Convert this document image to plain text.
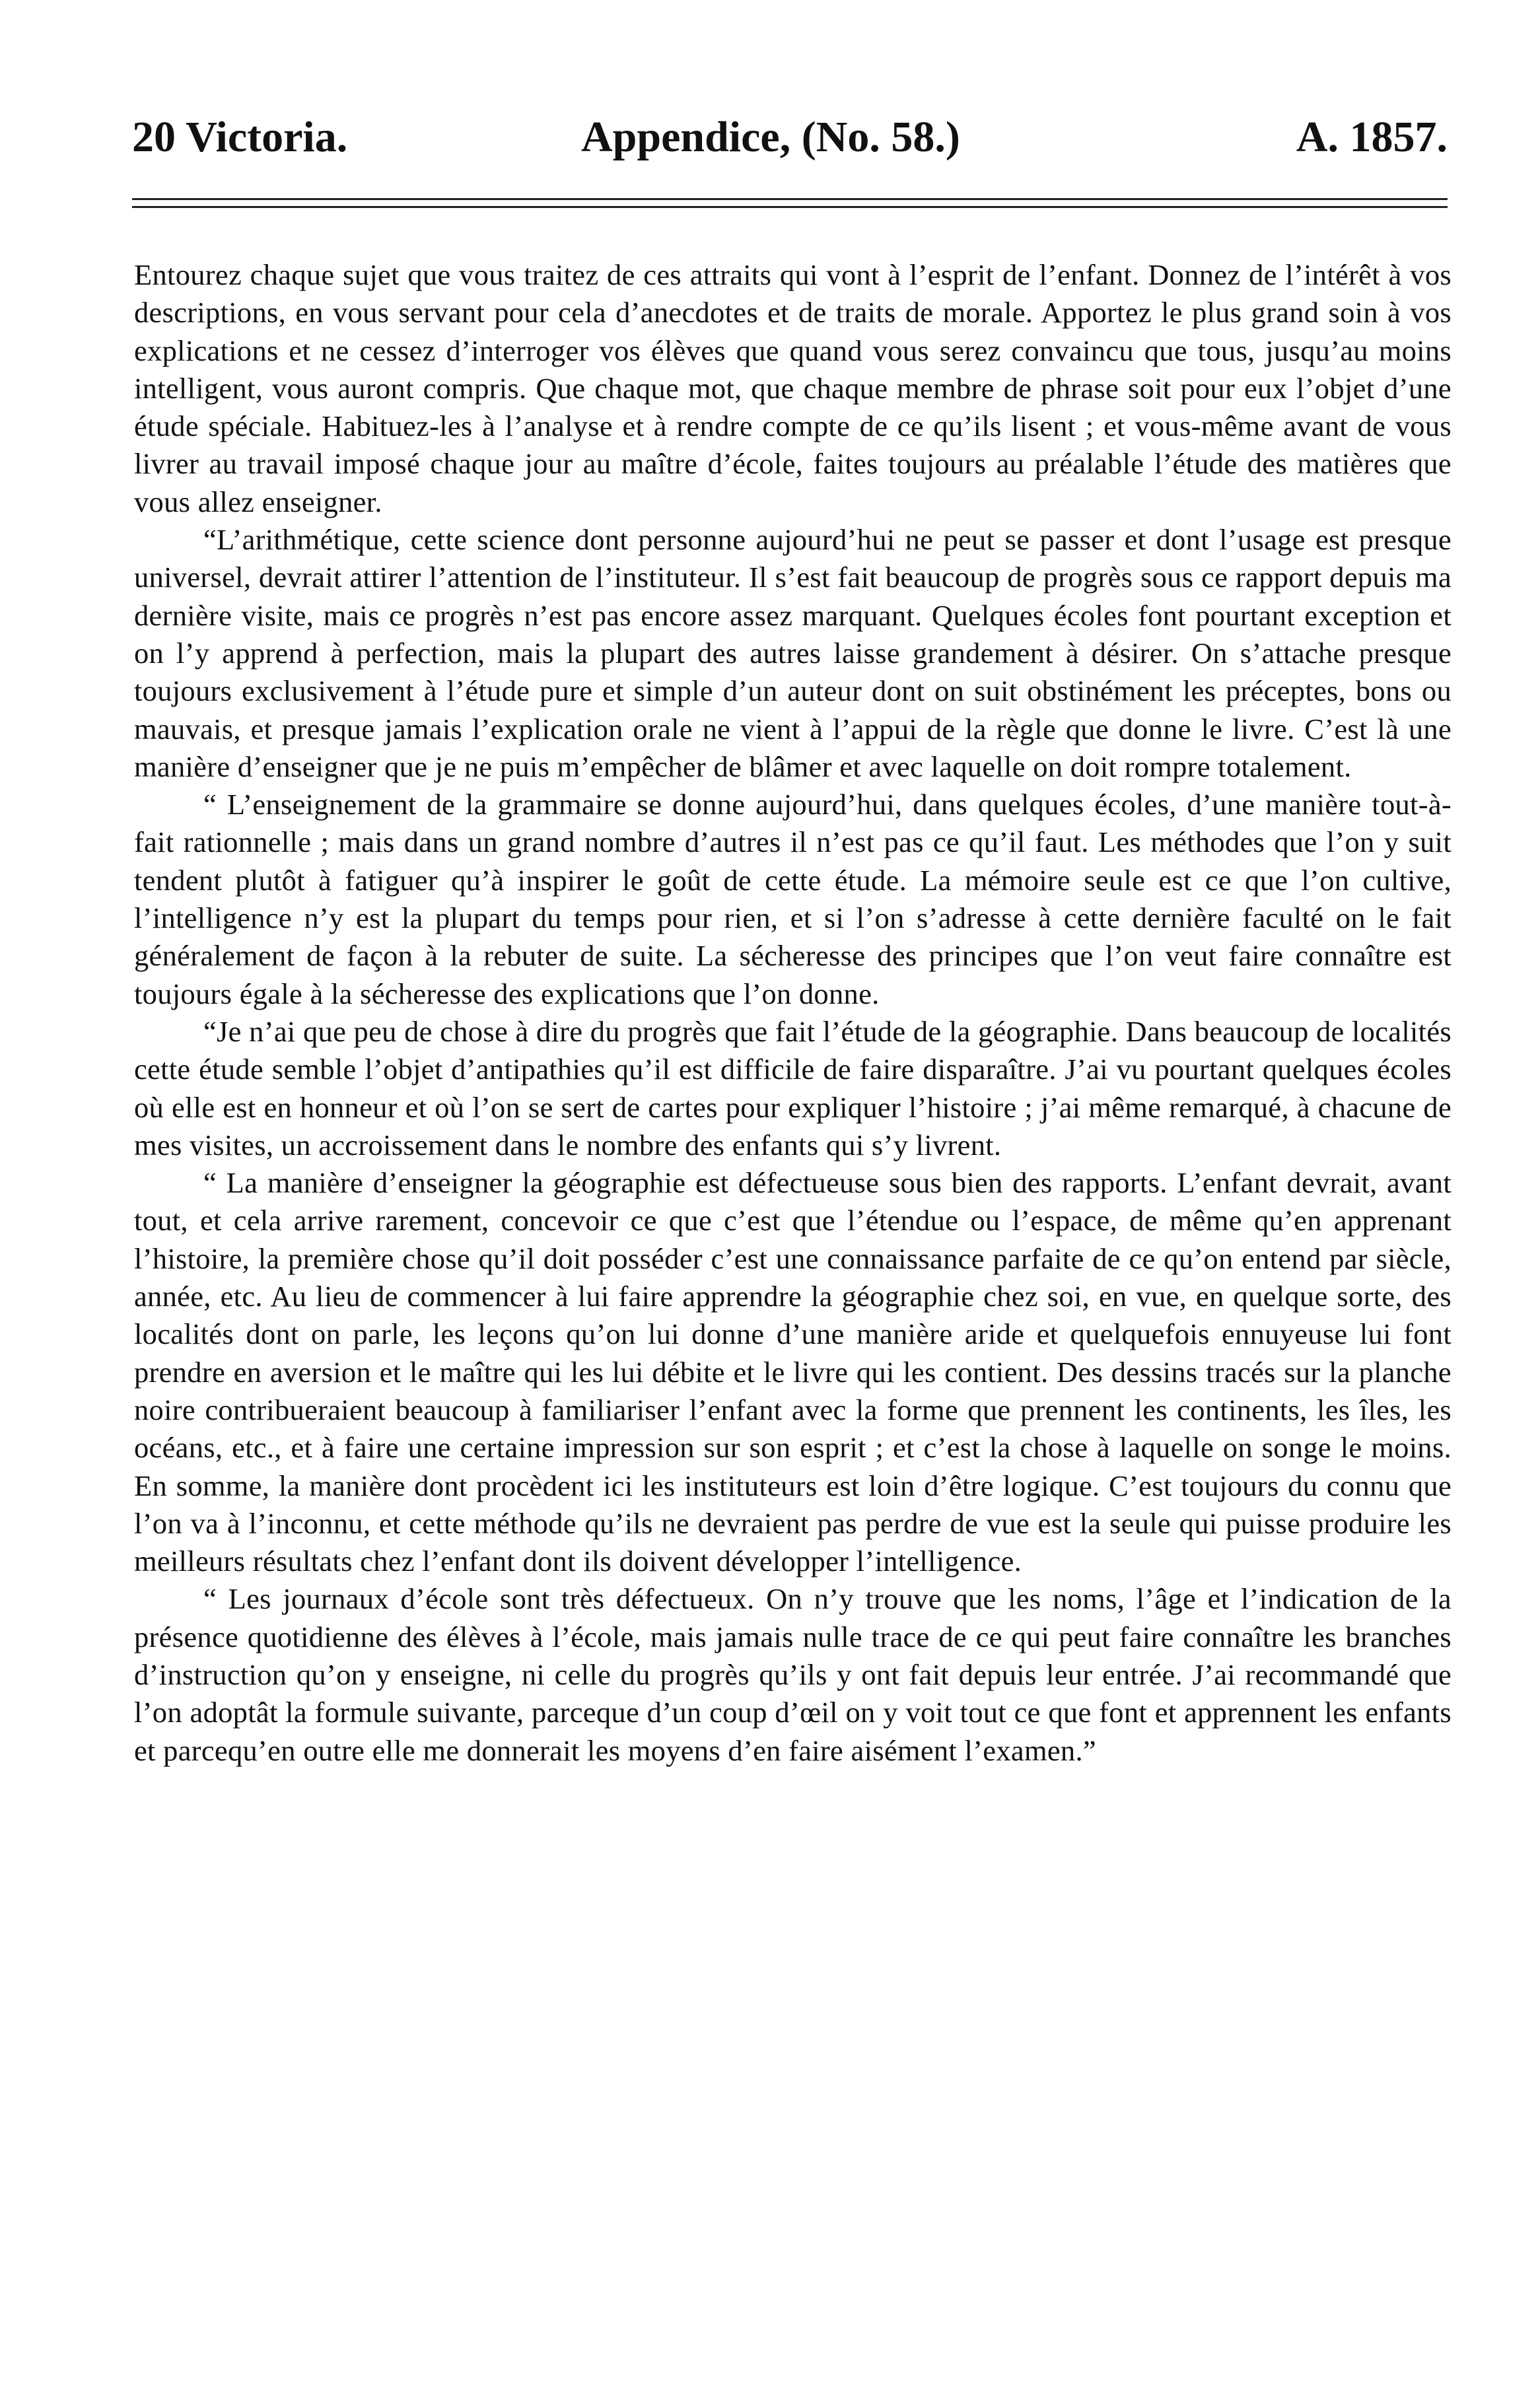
20 Victoria.	Appendice, (No. 58.)	A. 1857.

Entourez chaque sujet que vous traitez de ces attraits qui vont à l’esprit de l’enfant. Donnez de l’intérêt à vos descriptions, en vous servant pour cela d’anecdotes et de traits de morale. Apportez le plus grand soin à vos explications et ne cessez d’interroger vos élèves que quand vous serez convaincu que tous, jusqu’au moins intelligent, vous auront compris. Que chaque mot, que chaque membre de phrase soit pour eux l’objet d’une étude spéciale. Habituez-les à l’analyse et à rendre compte de ce qu’ils lisent ; et vous-même avant de vous livrer au travail imposé chaque jour au maître d’école, faites toujours au préalable l’étude des matières que vous allez enseigner.

“L’arithmétique, cette science dont personne aujourd’hui ne peut se passer et dont l’usage est presque universel, devrait attirer l’attention de l’instituteur. Il s’est fait beaucoup de progrès sous ce rapport depuis ma dernière visite, mais ce progrès n’est pas encore assez marquant. Quelques écoles font pourtant exception et on l’y apprend à perfection, mais la plupart des autres laisse grandement à désirer. On s’attache presque toujours exclusivement à l’étude pure et simple d’un auteur dont on suit obstinément les préceptes, bons ou mauvais, et presque jamais l’explication orale ne vient à l’appui de la règle que donne le livre. C’est là une manière d’enseigner que je ne puis m’empêcher de blâmer et avec laquelle on doit rompre totalement.

“ L’enseignement de la grammaire se donne aujourd’hui, dans quelques écoles, d’une manière tout-à-fait rationnelle ; mais dans un grand nombre d’autres il n’est pas ce qu’il faut. Les méthodes que l’on y suit tendent plutôt à fatiguer qu’à inspirer le goût de cette étude. La mémoire seule est ce que l’on cultive, l’intelligence n’y est la plupart du temps pour rien, et si l’on s’adresse à cette dernière faculté on le fait généralement de façon à la rebuter de suite. La sécheresse des principes que l’on veut faire connaître est toujours égale à la sécheresse des explications que l’on donne.

“Je n’ai que peu de chose à dire du progrès que fait l’étude de la géographie. Dans beaucoup de localités cette étude semble l’objet d’antipathies qu’il est difficile de faire disparaître. J’ai vu pourtant quelques écoles où elle est en honneur et où l’on se sert de cartes pour expliquer l’histoire ; j’ai même remarqué, à chacune de mes visites, un accroissement dans le nombre des enfants qui s’y livrent.

“ La manière d’enseigner la géographie est défectueuse sous bien des rapports. L’enfant devrait, avant tout, et cela arrive rarement, concevoir ce que c’est que l’étendue ou l’espace, de même qu’en apprenant l’histoire, la première chose qu’il doit posséder c’est une connaissance parfaite de ce qu’on entend par siècle, année, etc. Au lieu de commencer à lui faire apprendre la géographie chez soi, en vue, en quelque sorte, des localités dont on parle, les leçons qu’on lui donne d’une manière aride et quelquefois ennuyeuse lui font prendre en aversion et le maître qui les lui débite et le livre qui les contient. Des dessins tracés sur la planche noire contribueraient beaucoup à familiariser l’enfant avec la forme que prennent les continents, les îles, les océans, etc., et à faire une certaine impression sur son esprit ; et c’est la chose à laquelle on songe le moins. En somme, la manière dont procèdent ici les instituteurs est loin d’être logique. C’est toujours du connu que l’on va à l’inconnu, et cette méthode qu’ils ne devraient pas perdre de vue est la seule qui puisse produire les meilleurs résultats chez l’enfant dont ils doivent développer l’intelligence.

“ Les journaux d’école sont très défectueux. On n’y trouve que les noms, l’âge et l’indication de la présence quotidienne des élèves à l’école, mais jamais nulle trace de ce qui peut faire connaître les branches d’instruction qu’on y enseigne, ni celle du progrès qu’ils y ont fait depuis leur entrée. J’ai recommandé que l’on adoptât la formule suivante, parceque d’un coup d’œil on y voit tout ce que font et apprennent les enfants et parcequ’en outre elle me donnerait les moyens d’en faire aisément l’examen.”
